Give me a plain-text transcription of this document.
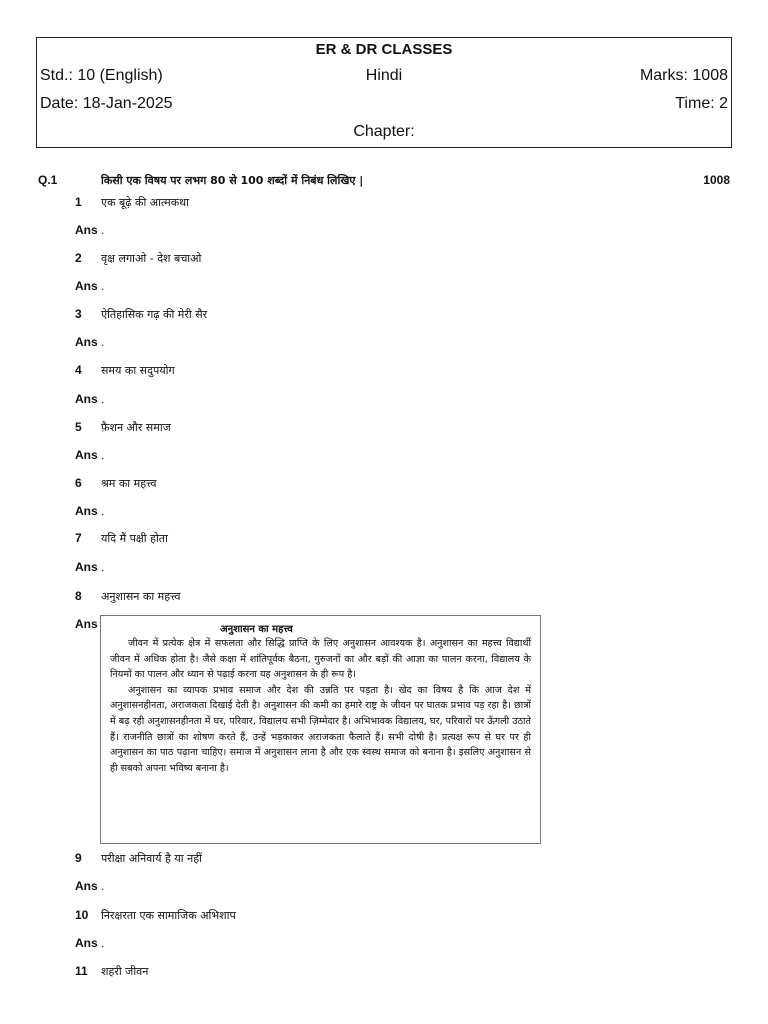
ER & DR CLASSES
Std.: 10 (English)	Hindi	Marks: 1008
Date: 18-Jan-2025	Time: 2
Chapter:
Q.1	किसी एक विषय पर लभग 80 से 100 शब्दों में निबंध लिखिए |	1008
1 एक बूढ़े की आत्मकथा
Ans .
2 वृक्ष लगाओ - देश बचाओ
Ans .
3 ऐतिहासिक गढ़ की मेरी सैर
Ans .
4 समय का सदुपयोग
Ans .
5 फ़ैशन और समाज
Ans .
6 श्रम का महत्त्व
Ans .
7 यदि मैं पक्षी होता
Ans .
8 अनुशासन का महत्त्व
Ans	अनुशासन का महत्त्व

जीवन में प्रत्येक क्षेत्र में सफलता और सिद्धि प्राप्ति के लिए अनुशासन आवश्यक है। अनुशासन का महत्त्व विद्यार्थी जीवन में अधिक होता है। जैसे कक्षा में शांतिपूर्वक बैठना, गुरुजनों का और बड़ों की आज्ञा का पालन करना, विद्यालय के नियमों का पालन और ध्यान से पढ़ाई करना यह अनुशासन के ही रूप है।

अनुशासन का व्यापक प्रभाव समाज और देश की उन्नति पर पड़ता है। खेद का विषय है कि आज देश में अनुशासनहीनता, अराजकता दिखाई देती है। अनुशासन की कमी का हमारे राष्ट्र के जीवन पर घातक प्रभाव पड़ रहा है। छात्रों में बढ़ रही अनुशासनहीनता में घर, परिवार, विद्यालय सभी ज़िम्मेदार है। अभिभावक विद्यालय, घर, परिवारों पर ऊँगली उठाते हैं। राजनीति छात्रों का शोषण करते हैं, उन्हें भड़काकर अराजकता फैलाते हैं। सभी दोषी है। प्रत्यक्ष रूप से घर पर ही अनुशासन का पाठ पढ़ाना चाहिए। समाज में अनुशासन लाना है और एक स्वस्थ समाज को बनाना है। इसलिए अनुशासन से ही सबको अपना भविष्य बनाना है।

9 परीक्षा अनिवार्य है या नहीं
Ans .
10 निरक्षरता एक सामाजिक अभिशाप
Ans .
11 शहरी जीवन
